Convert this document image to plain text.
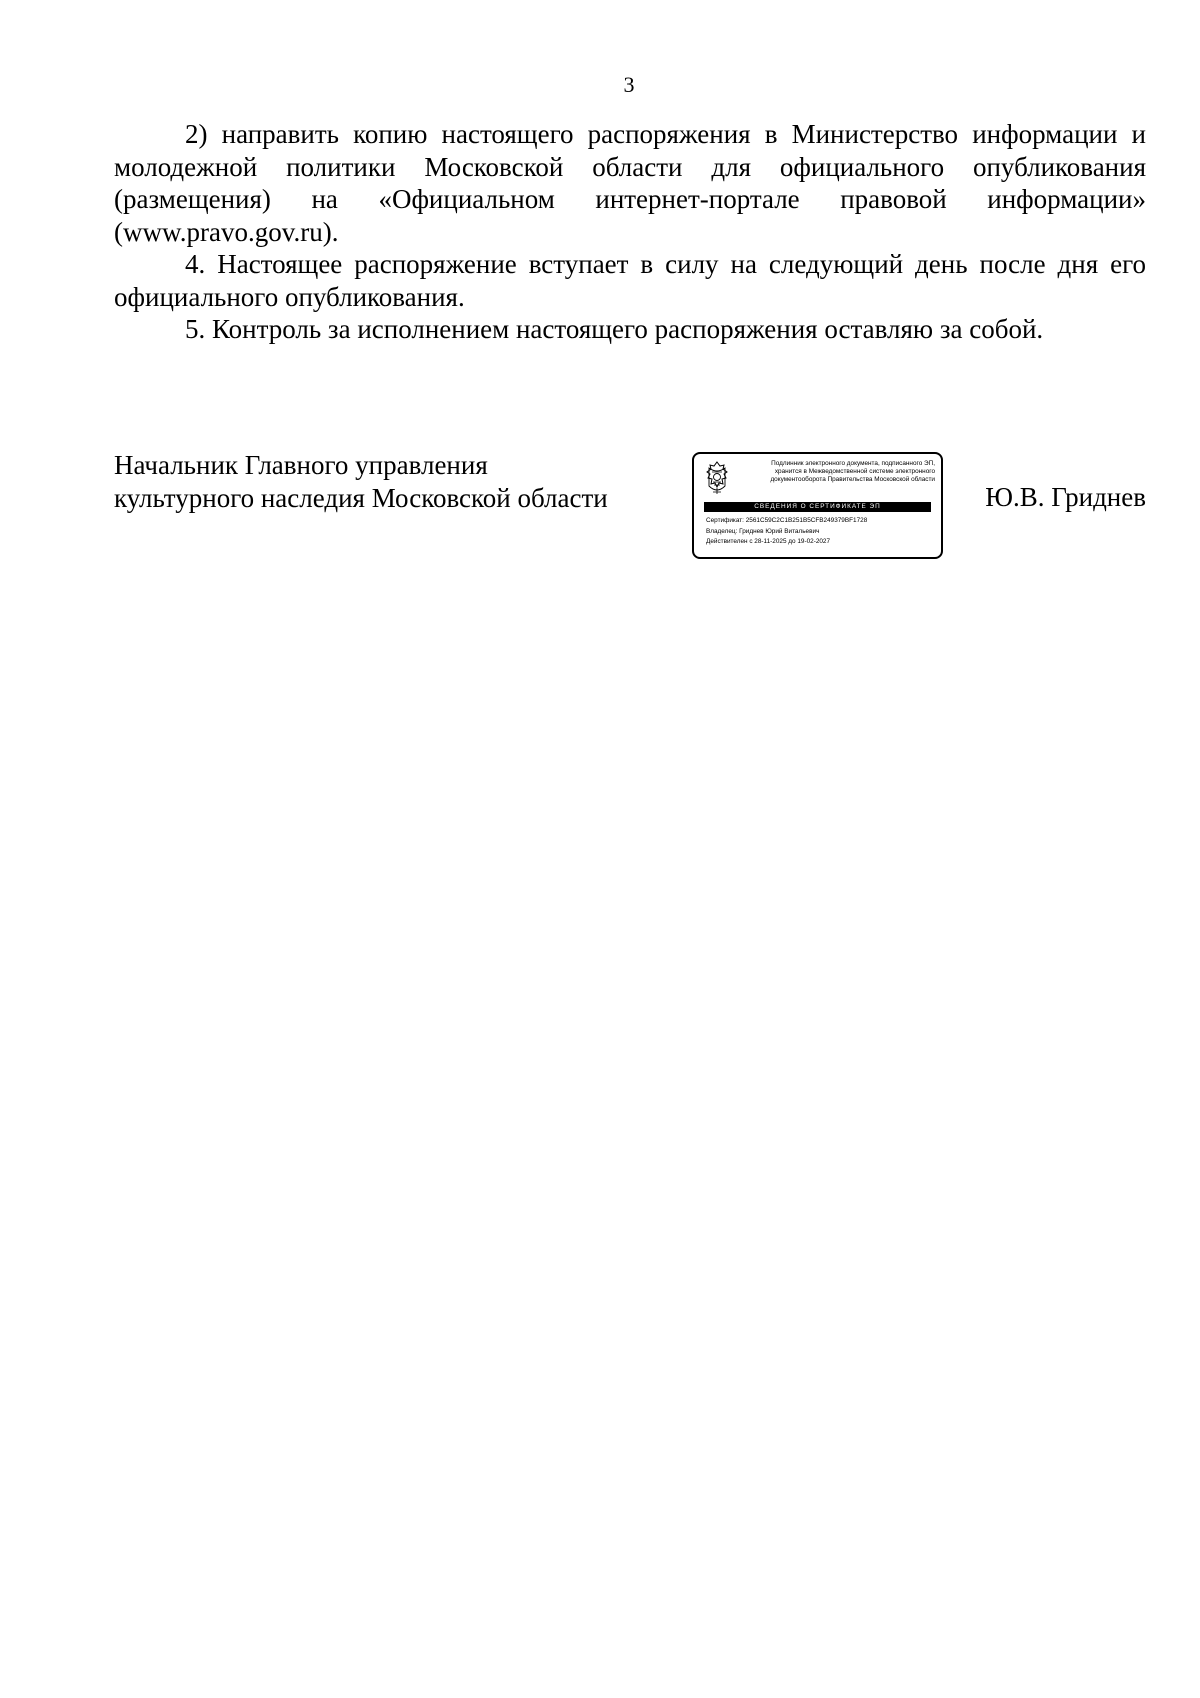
3

2) направить копию настоящего распоряжения в Министерство информации и молодежной политики Московской области для официального опубликования (размещения) на «Официальном интернет-портале правовой информации»

(www.pravo.gov.ru).

4. Настоящее распоряжение вступает в силу на следующий день после дня его официального опубликования.

5. Контроль за исполнением настоящего распоряжения оставляю за собой.

Начальник Главного управления
культурного наследия Московской области
Подлинник электронного документа, подписанного ЭП,
хранится в Межведомственной системе электронного
документооборота Правительства Московской области
СВЕДЕНИЯ О СЕРТИФИКАТЕ ЭП
Сертификат: 2561C59C2C1B251B5CFB249379BF1728
Владелец: Гриднев Юрий Витальевич
Действителен с 28-11-2025 до 19-02-2027
Ю.В. Гриднев
